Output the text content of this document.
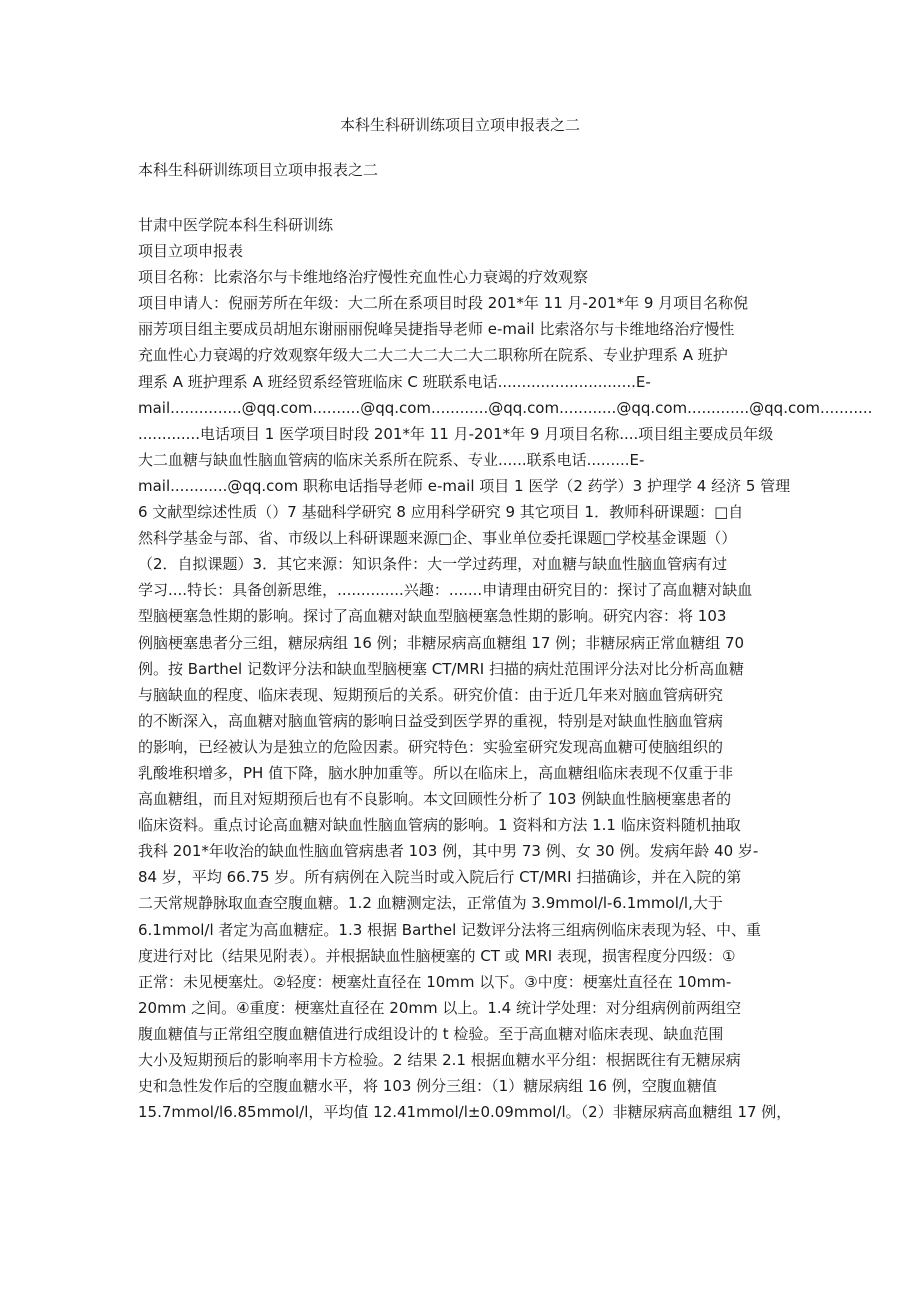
本科生科研训练项目立项申报表之二
本科生科研训练项目立项申报表之二
甘肃中医学院本科生科研训练
项目立项申报表
项目名称：比索洛尔与卡维地络治疗慢性充血性心力衰竭的疗效观察
项目申请人：倪丽芳所在年级：大二所在系项目时段 201*年 11 月-201*年 9 月项目名称倪
丽芳项目组主要成员胡旭东谢丽丽倪峰吴捷指导老师 e-mail 比索洛尔与卡维地络治疗慢性
充血性心力衰竭的疗效观察年级大二大二大二大二大二职称所在院系、专业护理系 A 班护
理系 A 班护理系 A 班经贸系经管班临床 C 班联系电话.............................E-
mail...............@qq.com..........@qq.com............@qq.com............@qq.com.............@qq.com...........
.............电话项目 1 医学项目时段 201*年 11 月-201*年 9 月项目名称....项目组主要成员年级
大二血糖与缺血性脑血管病的临床关系所在院系、专业......联系电话.........E-
mail............@qq.com 职称电话指导老师 e-mail 项目 1 医学（2 药学）3 护理学 4 经济 5 管理
6 文献型综述性质（）7 基础科学研究 8 应用科学研究 9 其它项目 1．教师科研课题：□自
然科学基金与部、省、市级以上科研课题来源□企、事业单位委托课题□学校基金课题（）
（2．自拟课题）3．其它来源：知识条件：大一学过药理，对血糖与缺血性脑血管病有过
学习....特长：具备创新思维，..............兴趣：.......申请理由研究目的：探讨了高血糖对缺血
型脑梗塞急性期的影响。探讨了高血糖对缺血型脑梗塞急性期的影响。研究内容：将 103
例脑梗塞患者分三组，糖尿病组 16 例；非糖尿病高血糖组 17 例；非糖尿病正常血糖组 70
例。按 Barthel 记数评分法和缺血型脑梗塞 CT/MRI 扫描的病灶范围评分法对比分析高血糖
与脑缺血的程度、临床表现、短期预后的关系。研究价值：由于近几年来对脑血管病研究
的不断深入，高血糖对脑血管病的影响日益受到医学界的重视，特别是对缺血性脑血管病
的影响，已经被认为是独立的危险因素。研究特色：实验室研究发现高血糖可使脑组织的
乳酸堆积增多，PH 值下降，脑水肿加重等。所以在临床上，高血糖组临床表现不仅重于非
高血糖组，而且对短期预后也有不良影响。本文回顾性分析了 103 例缺血性脑梗塞患者的
临床资料。重点讨论高血糖对缺血性脑血管病的影响。1 资料和方法 1.1 临床资料随机抽取
我科 201*年收治的缺血性脑血管病患者 103 例，其中男 73 例、女 30 例。发病年龄 40 岁-
84 岁，平均 66.75 岁。所有病例在入院当时或入院后行 CT/MRI 扫描确诊，并在入院的第
二天常规静脉取血查空腹血糖。1.2 血糖测定法，正常值为 3.9mmol/l-6.1mmol/l,大于
6.1mmol/l 者定为高血糖症。1.3 根据 Barthel 记数评分法将三组病例临床表现为轻、中、重
度进行对比（结果见附表）。并根据缺血性脑梗塞的 CT 或 MRI 表现，损害程度分四级：①
正常：未见梗塞灶。②轻度：梗塞灶直径在 10mm 以下。③中度：梗塞灶直径在 10mm-
20mm 之间。④重度：梗塞灶直径在 20mm 以上。1.4 统计学处理：对分组病例前两组空
腹血糖值与正常组空腹血糖值进行成组设计的 t 检验。至于高血糖对临床表现、缺血范围
大小及短期预后的影响率用卡方检验。2 结果 2.1 根据血糖水平分组：根据既往有无糖尿病
史和急性发作后的空腹血糖水平，将 103 例分三组：（1）糖尿病组 16 例，空腹血糖值
15.7mmol/l6.85mmol/l，平均值 12.41mmol/l±0.09mmol/l。（2）非糖尿病高血糖组 17 例，
